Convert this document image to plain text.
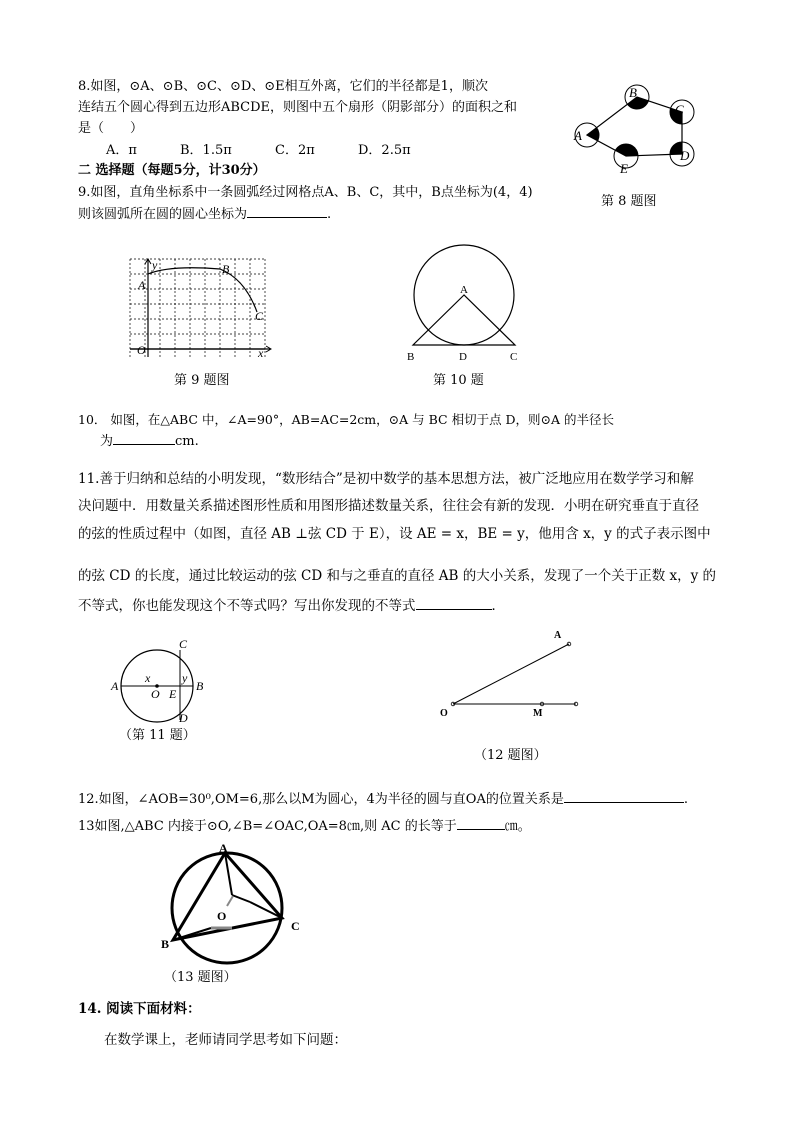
8.如图，⊙A、⊙B、⊙C、⊙D、⊙E相互外离，它们的半径都是1，顺次
连结五个圆心得到五边形ABCDE，则图中五个扇形（阴影部分）的面积之和
是（　　）
A．π	B．1.5π	C．2π	D．2.5π
A
B
C
D
E
第 8 题图
二 选择题（每题5分，计30分）
9.如图，直角坐标系中一条圆弧经过网格点A、B、C，其中，B点坐标为(4，4)
则该圆弧所在圆的圆心坐标为	.
y
x
O
A
B
C
第 9 题图
A
B	D	C
第 10 题
10． 如图，在△ABC 中，∠A=90°，AB=AC=2cm，⊙A 与 BC 相切于点 D，则⊙A 的半径长
为	cm.
11.善于归纳和总结的小明发现，“数形结合”是初中数学的基本思想方法，被广泛地应用在数学学习和解
决问题中．用数量关系描述图形性质和用图形描述数量关系，往往会有新的发现．小明在研究垂直于直径
的弦的性质过程中（如图，直径 AB ⊥弦 CD 于 E），设 AE = x，BE = y，他用含 x，y 的式子表示图中
的弦 CD 的长度，通过比较运动的弦 CD 和与之垂直的直径 AB 的大小关系，发现了一个关于正数 x，y 的
不等式，你也能发现这个不等式吗？写出你发现的不等式	．
A	B
C
D
O E
x	y
（第 11 题）
A
O	M
（12 题图）
12.如图，∠AOB=30⁰,OM=6,那么以M为圆心，4为半径的圆与直OA的位置关系是	.
13如图,△ABC 内接于⊙O,∠B=∠OAC,OA=8㎝,则 AC 的长等于	㎝。
A
B
C
O
（13 题图）
14. 阅读下面材料：
在数学课上，老师请同学思考如下问题：
